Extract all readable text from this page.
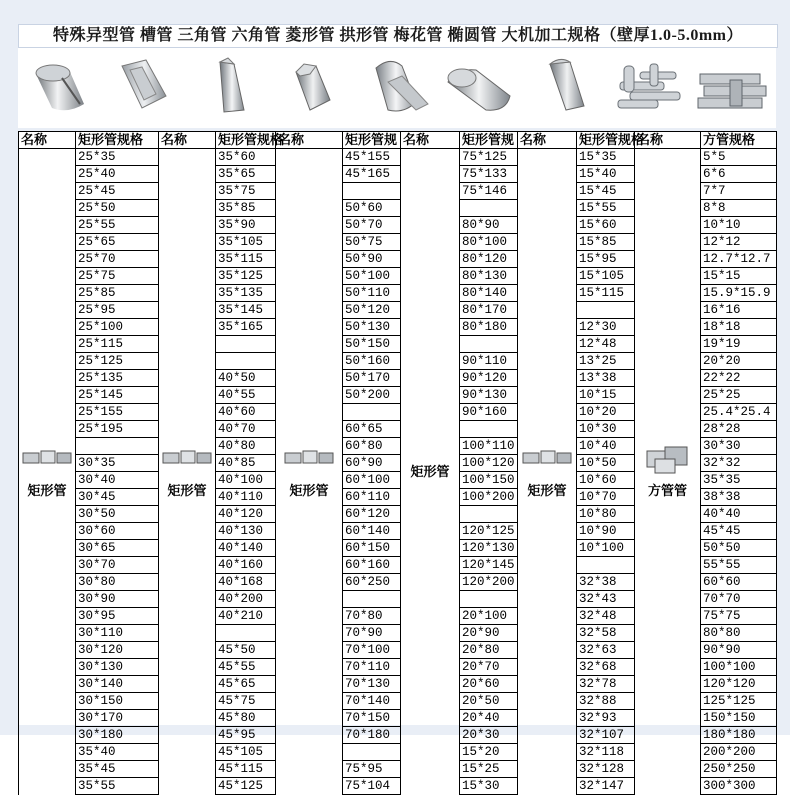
特殊异型管 槽管 三角管 六角管 菱形管 拱形管 梅花管 椭圆管 大机加工规格（壁厚1.0-5.0mm）
名称	矩形管规格	名称	矩形管规格	名称	矩形管规	名称	矩形管规	名称	矩形管规格	名称	方管规格

矩形管	25*35	矩形管	35*60	矩形管	45*155	矩形管	75*125	矩形管	15*35	方管管	5*5
	25*40		35*65		45*165		75*133		15*40		6*6
	25*45		35*75				75*146		15*45		7*7
	25*50		35*85		50*60				15*55		8*8
	25*55		35*90		50*70		80*90		15*60		10*10
	25*65		35*105		50*75		80*100		15*85		12*12
	25*70		35*115		50*90		80*120		15*95		12.7*12.7
	25*75		35*125		50*100		80*130		15*105		15*15
	25*85		35*135		50*110		80*140		15*115		15.9*15.9
	25*95		35*145		50*120		80*170				16*16
	25*100		35*165		50*130		80*180		12*30		18*18
	25*115				50*150				12*48		19*19
	25*125				50*160		90*110		13*25		20*20
	25*135		40*50		50*170		90*120		13*38		22*22
	25*145		40*55		50*200		90*130		10*15		25*25
	25*155		40*60				90*160		10*20		25.4*25.4
	25*195		40*70		60*65				10*30		28*28
			40*80		60*80		100*110		10*40		30*30
	30*35		40*85		60*90		100*120		10*50		32*32
	30*40		40*100		60*100		100*150		10*60		35*35
	30*45		40*110		60*110		100*200		10*70		38*38
	30*50		40*120		60*120				10*80		40*40
	30*60		40*130		60*140		120*125		10*90		45*45
	30*65		40*140		60*150		120*130		10*100		50*50
	30*70		40*160		60*160		120*145				55*55
	30*80		40*168		60*250		120*200		32*38		60*60
	30*90		40*200						32*43		70*70
	30*95		40*210		70*80		20*100		32*48		75*75
	30*110				70*90		20*90		32*58		80*80
	30*120		45*50		70*100		20*80		32*63		90*90
	30*130		45*55		70*110		20*70		32*68		100*100
	30*140		45*65		70*130		20*60		32*78		120*120
	30*150		45*75		70*140		20*50		32*88		125*125
	30*170		45*80		70*150		20*40		32*93		150*150
	30*180		45*95		70*180		20*30		32*107		180*180
	35*40		45*105				15*20		32*118		200*200
	35*45		45*115		75*95		15*25		32*128		250*250
	35*55		45*125		75*104		15*30		32*147		300*300
